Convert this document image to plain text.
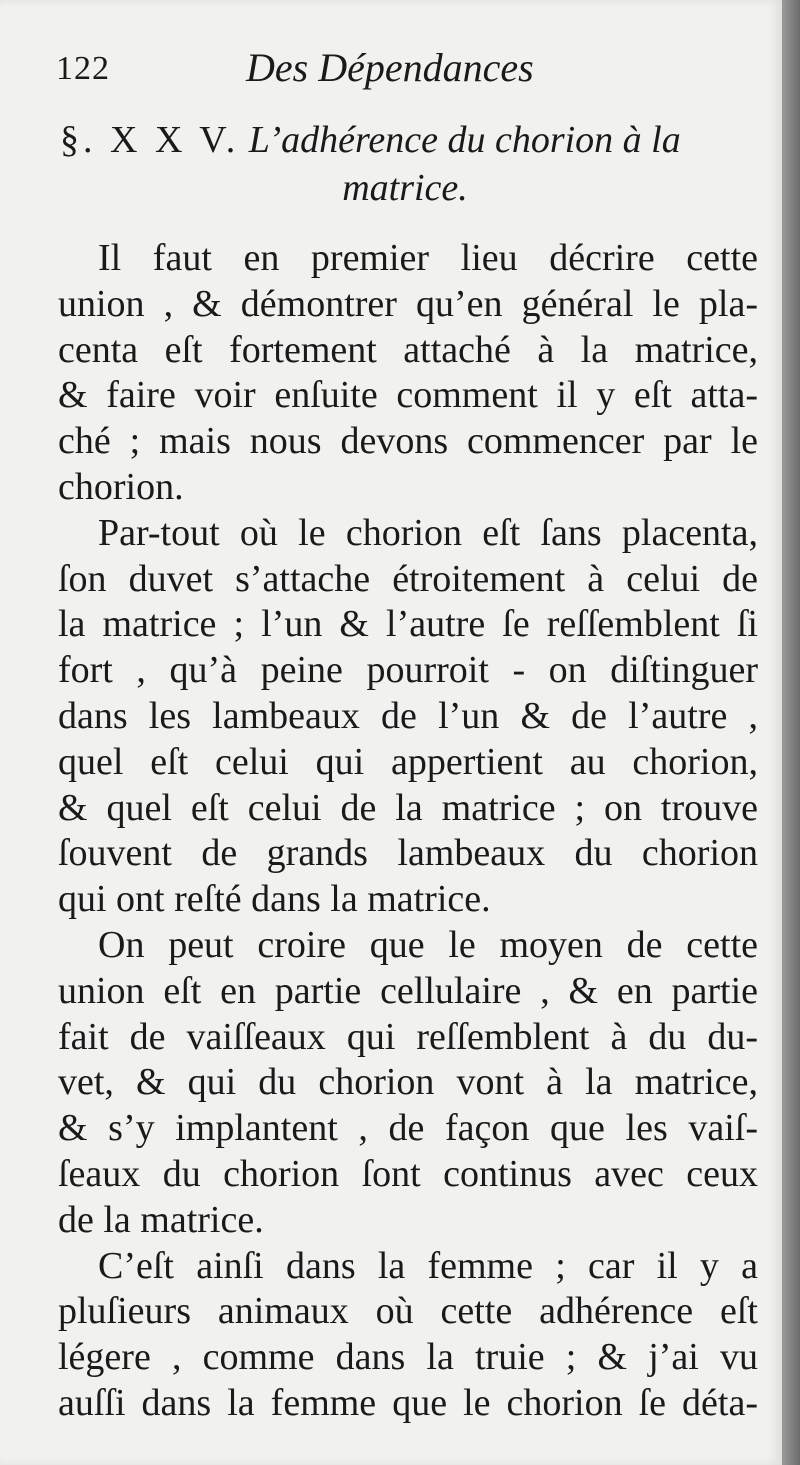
122	Des Dépendances
§. X X V. L’adhérence du chorion à la
matrice.
Il faut en premier lieu décrire cette
union , & démontrer qu’en général le pla-
centa eſt fortement attaché à la matrice,
& faire voir enſuite comment il y eſt atta-
ché ; mais nous devons commencer par le
chorion.
Par-tout où le chorion eſt ſans placenta,
ſon duvet s’attache étroitement à celui de
la matrice ; l’un & l’autre ſe reſſemblent ſi
fort , qu’à peine pourroit - on diſtinguer
dans les lambeaux de l’un & de l’autre ,
quel eſt celui qui appertient au chorion,
& quel eſt celui de la matrice ; on trouve
ſouvent de grands lambeaux du chorion
qui ont reſté dans la matrice.
On peut croire que le moyen de cette
union eſt en partie cellulaire , & en partie
fait de vaiſſeaux qui reſſemblent à du du-
vet, & qui du chorion vont à la matrice,
& s’y implantent , de façon que les vaiſ-
ſeaux du chorion ſont continus avec ceux
de la matrice.
C’eſt ainſi dans la femme ; car il y a
pluſieurs animaux où cette adhérence eſt
légere , comme dans la truie ; & j’ai vu
auſſi dans la femme que le chorion ſe déta-
